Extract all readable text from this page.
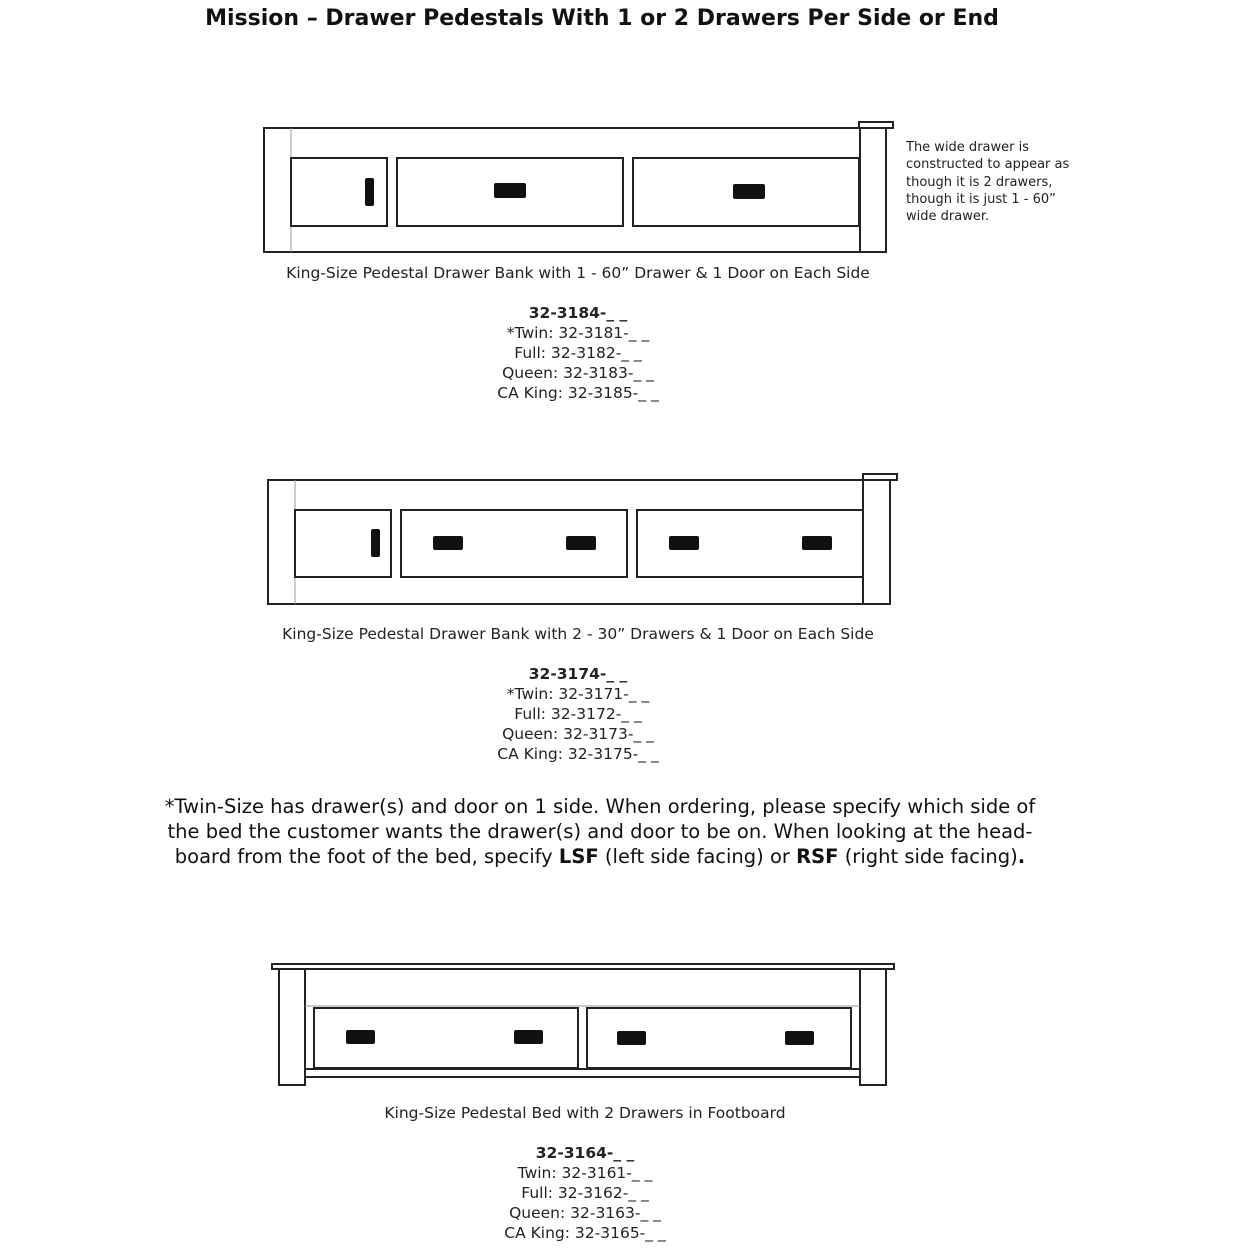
Mission – Drawer Pedestals With 1 or 2 Drawers Per Side or End
The wide drawer is
constructed to appear as
though it is 2 drawers,
though it is just 1 - 60”
wide drawer.
King-Size Pedestal Drawer Bank with 1 - 60” Drawer & 1 Door on Each Side
32-3184-_ _
*Twin: 32-3181-_ _
Full: 32-3182-_ _
Queen: 32-3183-_ _
CA King: 32-3185-_ _
King-Size Pedestal Drawer Bank with 2 - 30” Drawers & 1 Door on Each Side
32-3174-_ _
*Twin: 32-3171-_ _
Full: 32-3172-_ _
Queen: 32-3173-_ _
CA King: 32-3175-_ _
*Twin-Size has drawer(s) and door on 1 side. When ordering, please specify which side of
the bed the customer wants the drawer(s) and door to be on. When looking at the head-
board from the foot of the bed, specify LSF (left side facing) or RSF (right side facing).
King-Size Pedestal Bed with 2 Drawers in Footboard
32-3164-_ _
Twin: 32-3161-_ _
Full: 32-3162-_ _
Queen: 32-3163-_ _
CA King: 32-3165-_ _
